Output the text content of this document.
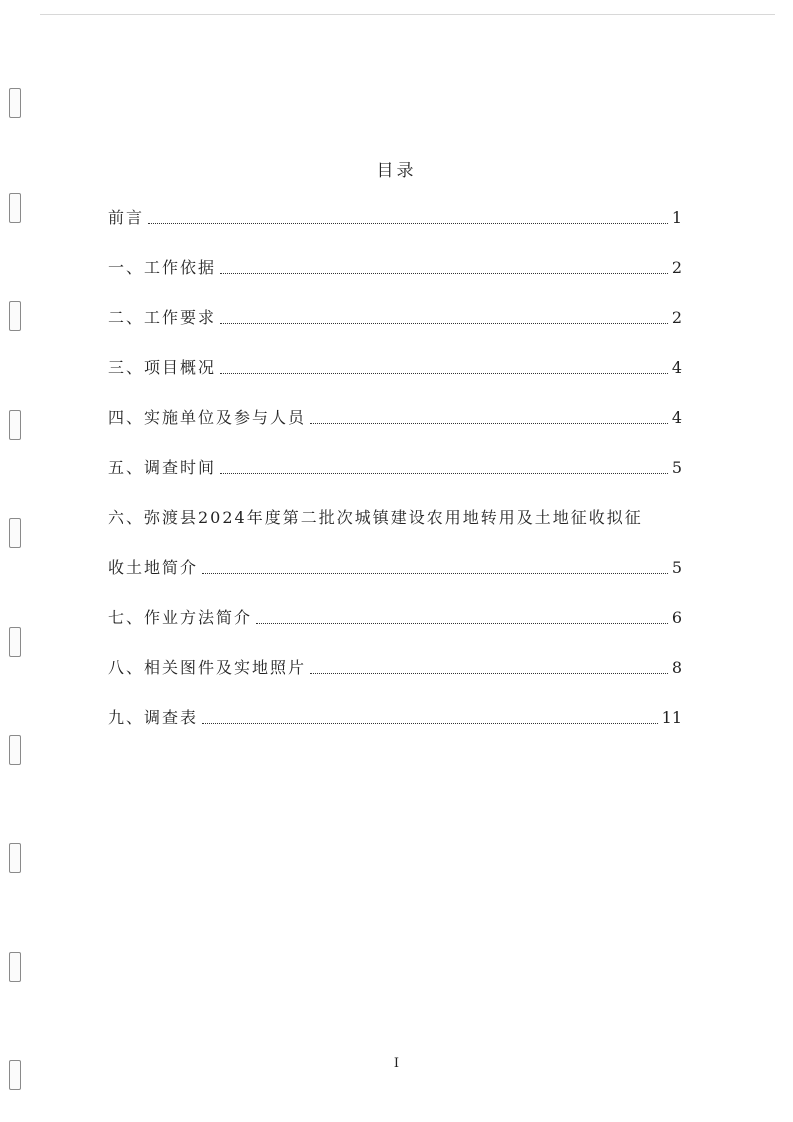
目录
前言	1
一、工作依据	2
二、工作要求	2
三、项目概况	4
四、实施单位及参与人员	4
五、调查时间	5
六、弥渡县2024年度第二批次城镇建设农用地转用及土地征收拟征
收土地简介	5
七、作业方法简介	6
八、相关图件及实地照片	8
九、调查表	11
I
